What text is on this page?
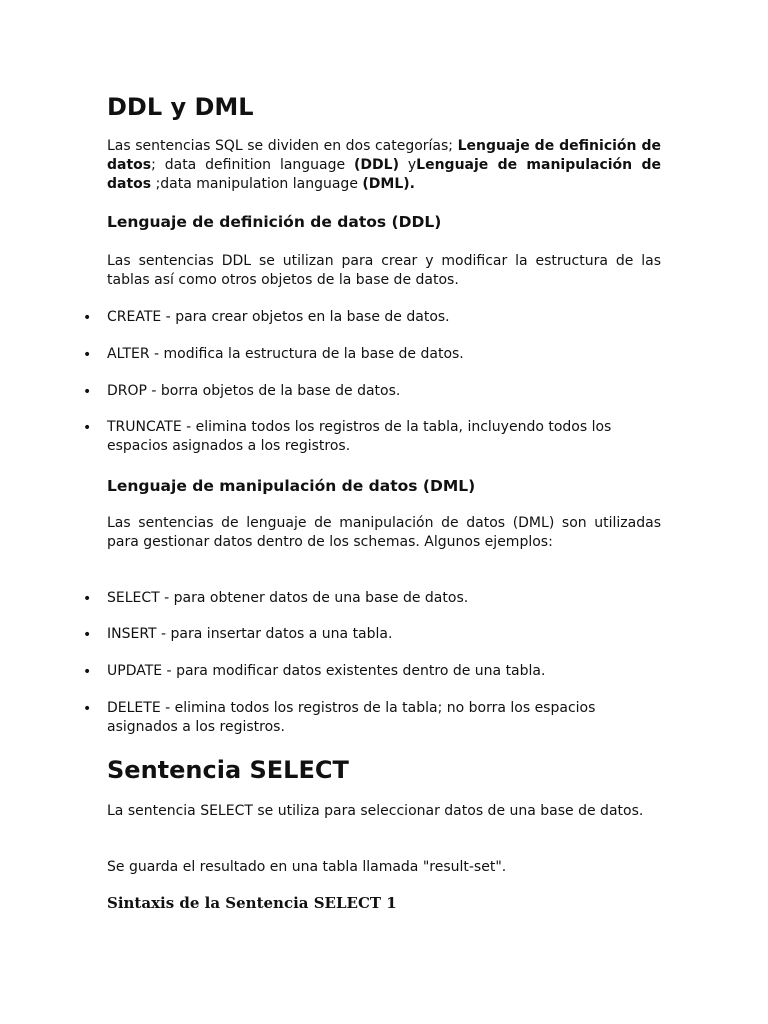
DDL y DML

Las sentencias SQL se dividen en dos categorías; Lenguaje de definición de datos; data definition language (DDL) yLenguaje de manipulación de datos ;data manipulation language (DML).

Lenguaje de definición de datos (DDL)

Las sentencias DDL se utilizan para crear y modificar la estructura de las tablas así como otros objetos de la base de datos.

• CREATE - para crear objetos en la base de datos.

• ALTER - modifica la estructura de la base de datos.

• DROP - borra objetos de la base de datos.

• TRUNCATE - elimina todos los registros de la tabla, incluyendo todos los espacios asignados a los registros.

Lenguaje de manipulación de datos (DML)

Las sentencias de lenguaje de manipulación de datos (DML) son utilizadas para gestionar datos dentro de los schemas. Algunos ejemplos:

• SELECT - para obtener datos de una base de datos.

• INSERT - para insertar datos a una tabla.

• UPDATE - para modificar datos existentes dentro de una tabla.

• DELETE - elimina todos los registros de la tabla; no borra los espacios asignados a los registros.

Sentencia SELECT

La sentencia SELECT se utiliza para seleccionar datos de una base de datos.

Se guarda el resultado en una tabla llamada "result-set".

Sintaxis de la Sentencia SELECT 1
